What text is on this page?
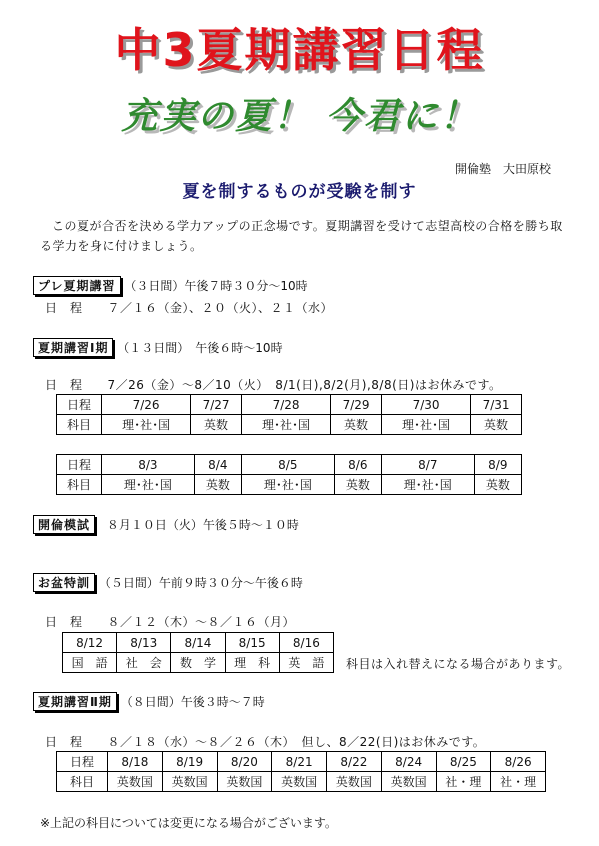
中3夏期講習日程
充実の夏！ 今君に！
開倫塾　大田原校
夏を制するものが受験を制す
この夏が合否を決める学力アップの正念場です。夏期講習を受けて志望高校の合格を勝ち取る学力を身に付けましょう。
プレ夏期講習 （３日間）午後７時３０分～10時
日　程　　７／１６（金）、２０（火）、２１（水）
夏期講習Ⅰ期 （１３日間）　午後６時～10時
日　程　　7／26（金）～8／10（火）　8/1(日),8/2(月),8/8(日)はお休みです。
日程	7/26	7/27	7/28	7/29	7/30	7/31
科目	理･社･国	英数	理･社･国	英数	理･社･国	英数
日程	8/3	8/4	8/5	8/6	8/7	8/9
科目	理･社･国	英数	理･社･国	英数	理･社･国	英数
開倫模試 ８月１０日（火）午後５時～１０時
お盆特訓 （５日間）午前９時３０分～午後６時
日　程　　８／１２（木）～８／１６（月）
8/12	8/13	8/14	8/15	8/16
国　語	社　会	数　学	理　科	英　語 科目は入れ替えになる場合があります。
夏期講習Ⅱ期 （８日間）午後３時～７時
日　程　　８／１８（水）～８／２６（木）　但し、8／22(日)はお休みです。
日程	8/18	8/19	8/20	8/21	8/22	8/24	8/25	8/26
科目	英数国	英数国	英数国	英数国	英数国	英数国	社・理	社・理
※上記の科目については変更になる場合がございます。
